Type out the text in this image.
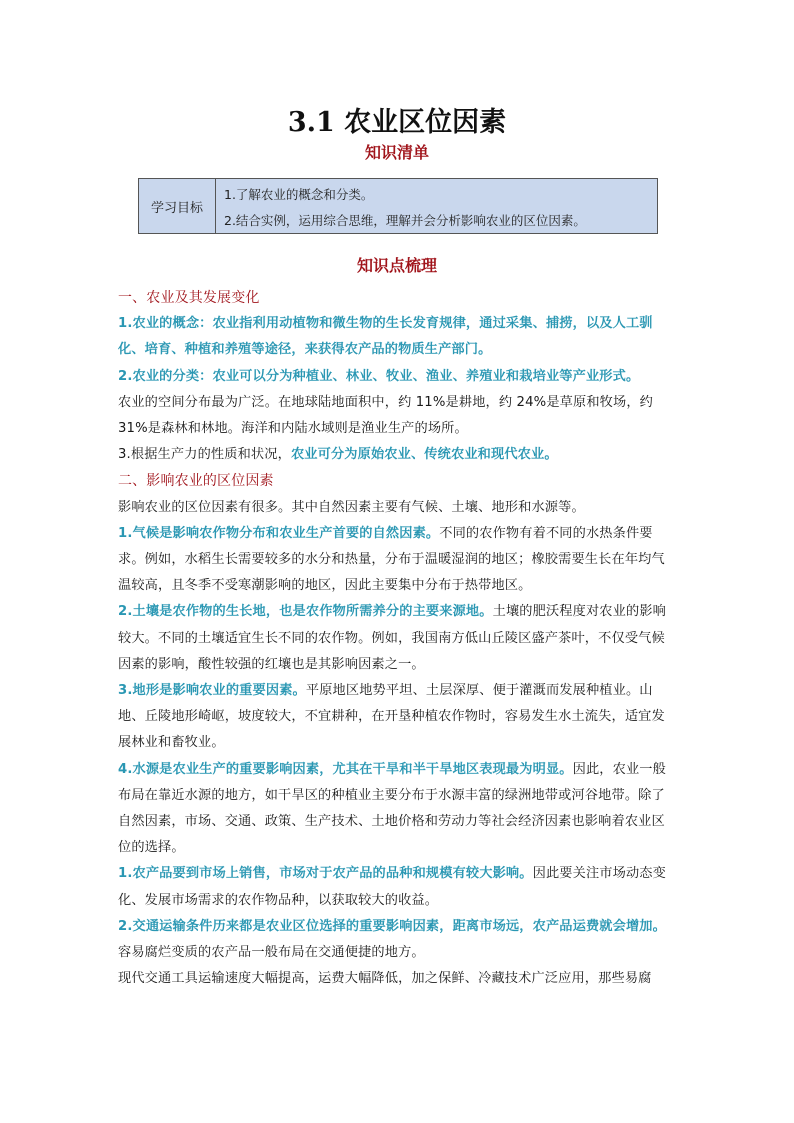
3.1 农业区位因素
知识清单
学习目标
1.了解农业的概念和分类。
2.结合实例，运用综合思维，理解并会分析影响农业的区位因素。
知识点梳理

一、农业及其发展变化

1.农业的概念：农业指利用动植物和微生物的生长发育规律，通过采集、捕捞，以及人工驯化、培育、种植和养殖等途径，来获得农产品的物质生产部门。

2.农业的分类：农业可以分为种植业、林业、牧业、渔业、养殖业和栽培业等产业形式。

农业的空间分布最为广泛。在地球陆地面积中，约 11%是耕地，约 24%是草原和牧场，约31%是森林和林地。海洋和内陆水域则是渔业生产的场所。

3.根据生产力的性质和状况，农业可分为原始农业、传统农业和现代农业。

二、影响农业的区位因素

影响农业的区位因素有很多。其中自然因素主要有气候、土壤、地形和水源等。

1.气候是影响农作物分布和农业生产首要的自然因素。不同的农作物有着不同的水热条件要求。例如，水稻生长需要较多的水分和热量，分布于温暖湿润的地区；橡胶需要生长在年均气温较高，且冬季不受寒潮影响的地区，因此主要集中分布于热带地区。

2.土壤是农作物的生长地，也是农作物所需养分的主要来源地。土壤的肥沃程度对农业的影响较大。不同的土壤适宜生长不同的农作物。例如，我国南方低山丘陵区盛产茶叶，不仅受气候因素的影响，酸性较强的红壤也是其影响因素之一。

3.地形是影响农业的重要因素。平原地区地势平坦、土层深厚、便于灌溉而发展种植业。山地、丘陵地形崎岖，坡度较大，不宜耕种，在开垦种植农作物时，容易发生水土流失，适宜发展林业和畜牧业。

4.水源是农业生产的重要影响因素，尤其在干旱和半干旱地区表现最为明显。因此，农业一般布局在靠近水源的地方，如干旱区的种植业主要分布于水源丰富的绿洲地带或河谷地带。除了自然因素，市场、交通、政策、生产技术、土地价格和劳动力等社会经济因素也影响着农业区位的选择。

1.农产品要到市场上销售，市场对于农产品的品种和规模有较大影响。因此要关注市场动态变化、发展市场需求的农作物品种，以获取较大的收益。

2.交通运输条件历来都是农业区位选择的重要影响因素，距离市场远，农产品运费就会增加。容易腐烂变质的农产品一般布局在交通便捷的地方。

现代交通工具运输速度大幅提高，运费大幅降低，加之保鲜、冷藏技术广泛应用，那些易腐
